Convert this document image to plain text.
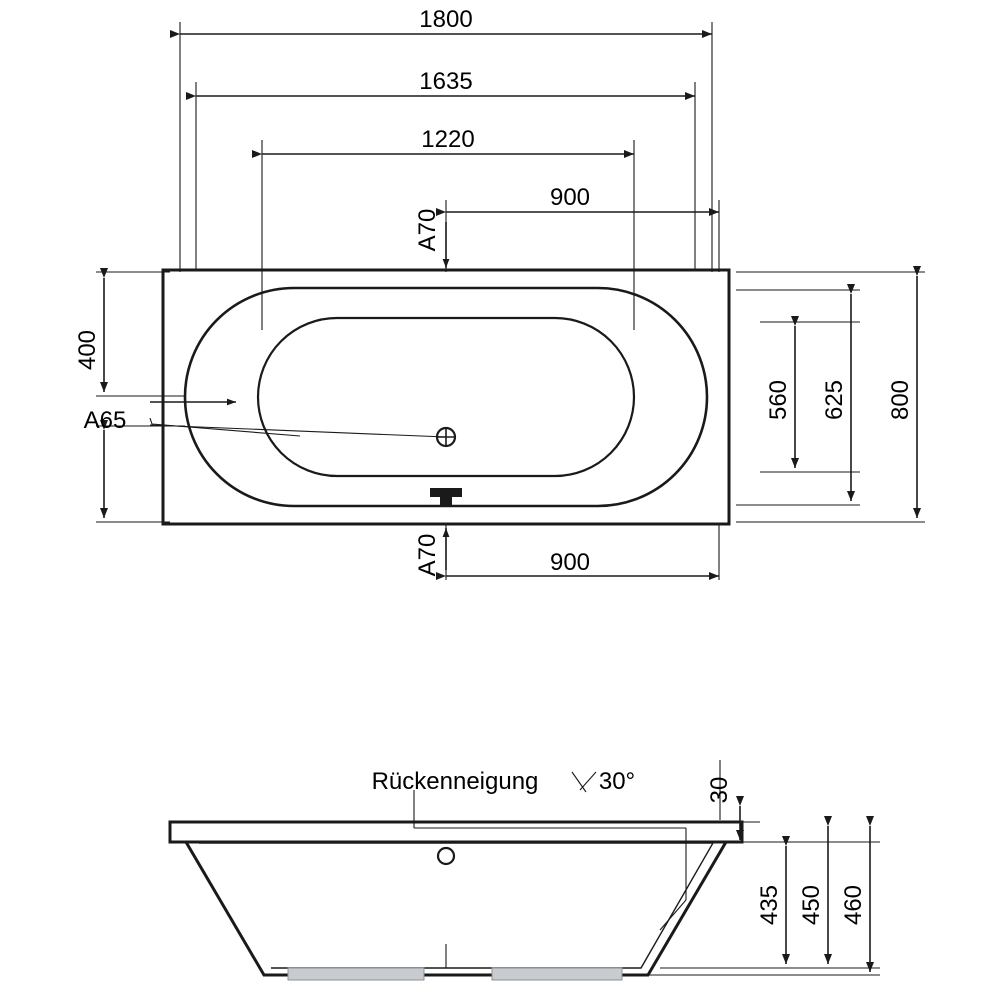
1800
1635
1220
900
900
A70
A70
400
A65
560 625 800
Rückenneigung	30°	30
435 450 460
